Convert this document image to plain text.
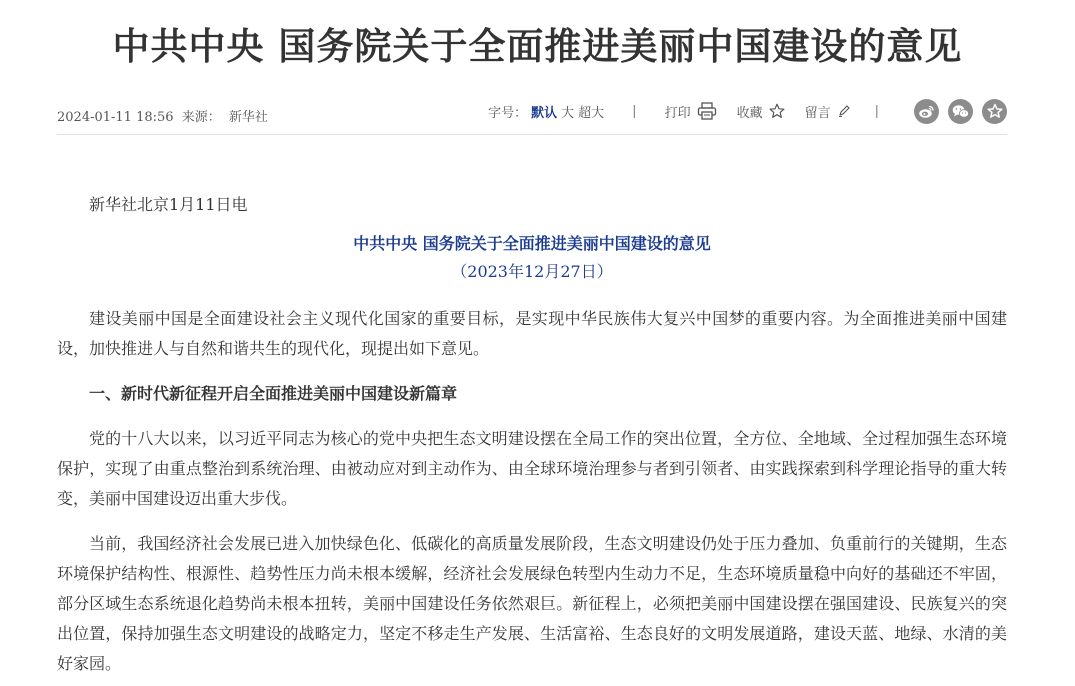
中共中央 国务院关于全面推进美丽中国建设的意见
2024-01-11 18:56 来源： 新华社	字号： 默认 大 超大 | 打印	收藏	留言	|

新华社北京1月11日电

中共中央 国务院关于全面推进美丽中国建设的意见

（2023年12月27日）

建设美丽中国是全面建设社会主义现代化国家的重要目标，是实现中华民族伟大复兴中国梦的重要内容。为全面推进美丽中国建设，加快推进人与自然和谐共生的现代化，现提出如下意见。

一、新时代新征程开启全面推进美丽中国建设新篇章

党的十八大以来，以习近平同志为核心的党中央把生态文明建设摆在全局工作的突出位置，全方位、全地域、全过程加强生态环境保护，实现了由重点整治到系统治理、由被动应对到主动作为、由全球环境治理参与者到引领者、由实践探索到科学理论指导的重大转变，美丽中国建设迈出重大步伐。

当前，我国经济社会发展已进入加快绿色化、低碳化的高质量发展阶段，生态文明建设仍处于压力叠加、负重前行的关键期，生态环境保护结构性、根源性、趋势性压力尚未根本缓解，经济社会发展绿色转型内生动力不足，生态环境质量稳中向好的基础还不牢固，部分区域生态系统退化趋势尚未根本扭转，美丽中国建设任务依然艰巨。新征程上，必须把美丽中国建设摆在强国建设、民族复兴的突出位置，保持加强生态文明建设的战略定力，坚定不移走生产发展、生活富裕、生态良好的文明发展道路，建设天蓝、地绿、水清的美好家园。
